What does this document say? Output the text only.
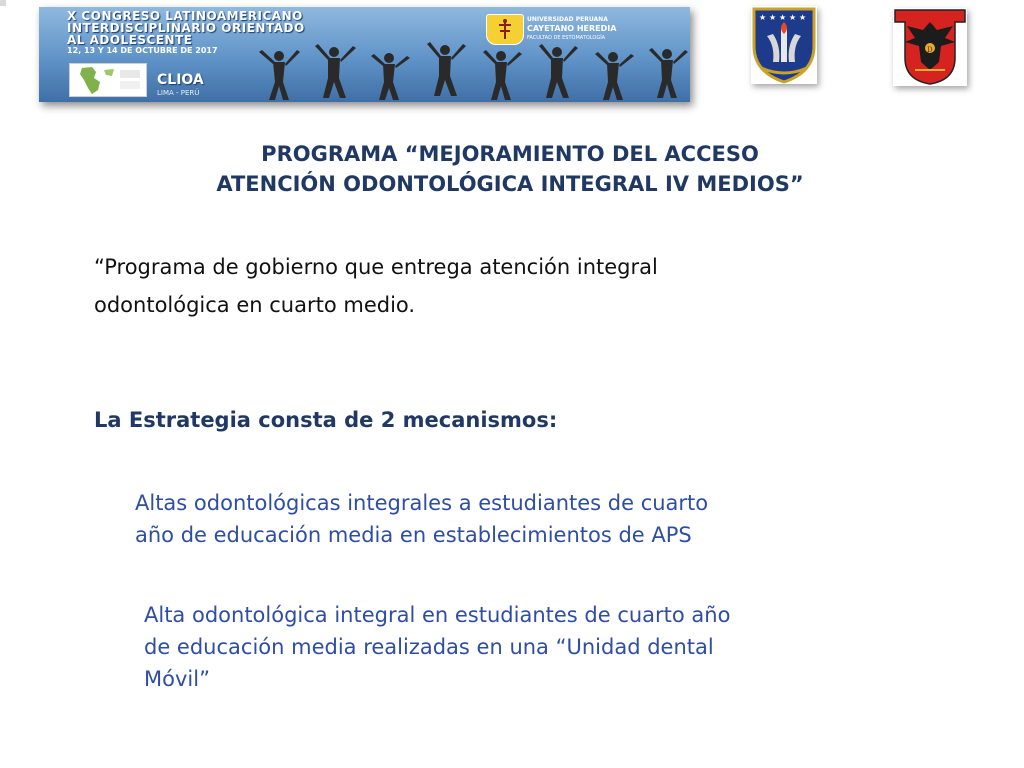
X CONGRESO LATINOAMERICANO
INTERDISCIPLINARIO ORIENTADO
AL ADOLESCENTE
12, 13 Y 14 DE OCTUBRE DE 2017
CLIOA
LIMA - PERÚ
UNIVERSIDAD PERUANA
CAYETANO HEREDIA
FACULTAD DE ESTOMATOLOGÍA
★ ★ ★ ★ ★
D
PROGRAMA “MEJORAMIENTO DEL ACCESO
ATENCIÓN ODONTOLÓGICA INTEGRAL IV MEDIOS”

“Programa de gobierno que entrega atención integral
odontológica en cuarto medio.

La Estrategia consta de 2 mecanismos:

Altas odontológicas integrales a estudiantes de cuarto
año de educación media en establecimientos de APS

Alta odontológica integral en estudiantes de cuarto año
de educación media realizadas en una “Unidad dental
Móvil”
